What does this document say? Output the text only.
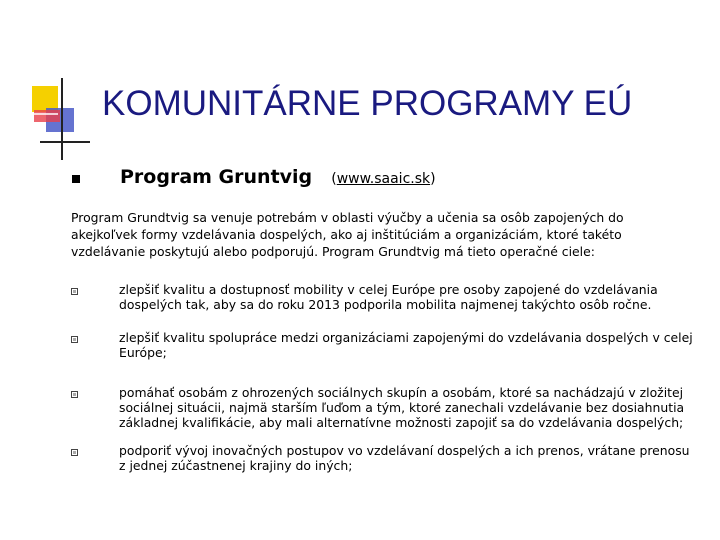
KOMUNITÁRNE PROGRAMY EÚ
Program Gruntvig (www.saaic.sk)
Program Grundtvig sa venuje potrebám v oblasti výučby a učenia sa osôb zapojených do akejkoľvek formy vzdelávania dospelých, ako aj inštitúciám a organizáciám, ktoré takéto vzdelávanie poskytujú alebo podporujú. Program Grundtvig má tieto operačné ciele:
zlepšiť kvalitu a dostupnosť mobility v celej Európe pre osoby zapojené do vzdelávania dospelých tak, aby sa do roku 2013 podporila mobilita najmenej takýchto osôb ročne.
zlepšiť kvalitu spolupráce medzi organizáciami zapojenými do vzdelávania dospelých v celej Európe;
pomáhať osobám z ohrozených sociálnych skupín a osobám, ktoré sa nachádzajú v zložitej sociálnej situácii, najmä starším ľuďom a tým, ktoré zanechali vzdelávanie bez dosiahnutia základnej kvalifikácie, aby mali alternatívne možnosti zapojiť sa do vzdelávania dospelých;
podporiť vývoj inovačných postupov vo vzdelávaní dospelých a ich prenos, vrátane prenosu z jednej zúčastnenej krajiny do iných;
